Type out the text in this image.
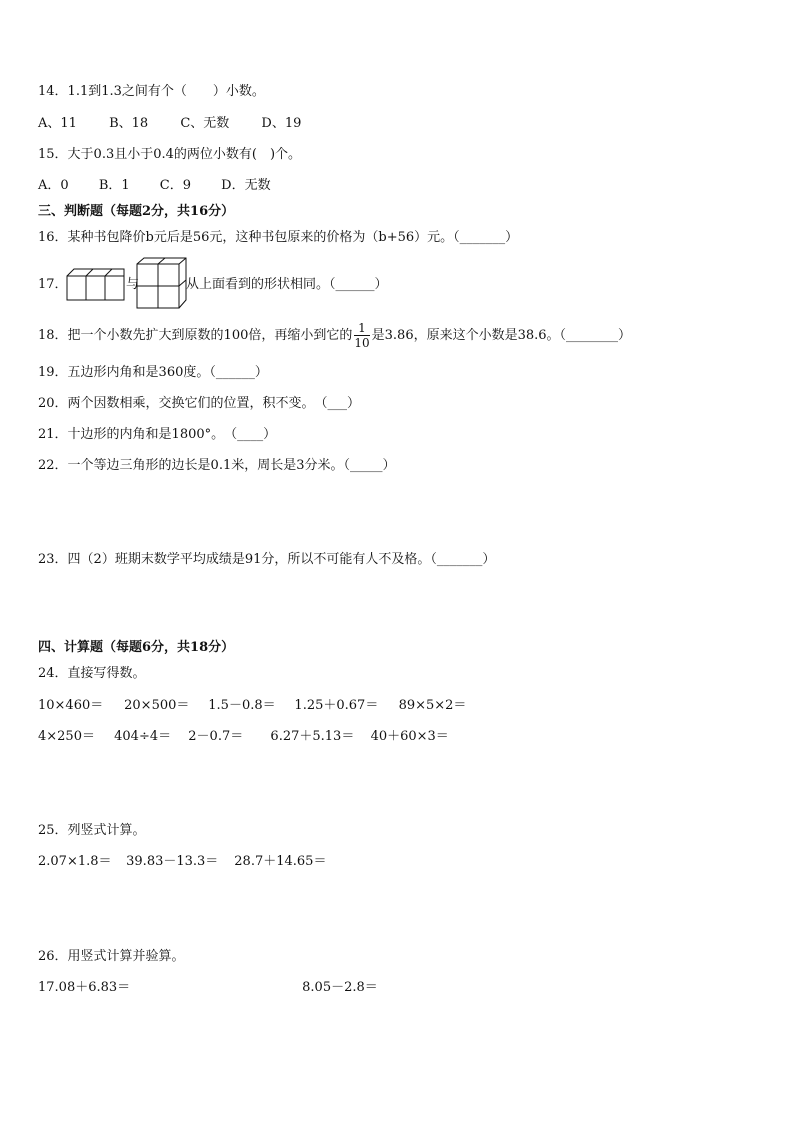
14．1.1到1.3之间有个（　　）小数。
A、11 B、18 C、无数 D、19
15．大于0.3且小于0.4的两位小数有(　)个。
A．0 B．1 C．9 D．无数
三、判断题（每题2分，共16分）
16．某种书包降价b元后是56元，这种书包原来的价格为（b+56）元。（_______）
17．	与	从上面看到的形状相同。（______）
18．把一个小数先扩大到原数的100倍，再缩小到它的 $\frac{1}{10}$ 是3.86，原来这个小数是38.6。（________）
19．五边形内角和是360度。（______）
20．两个因数相乘，交换它们的位置，积不变。　（___）
21．十边形的内角和是1800°。　（____）
22．一个等边三角形的边长是0.1米，周长是3分米。（_____）
23．四（2）班期末数学平均成绩是91分，所以不可能有人不及格。（_______）
四、计算题（每题6分，共18分）
24．直接写得数。
10×460＝ 20×500＝ 1.5－0.8＝ 1.25＋0.67＝ 89×5×2＝
4×250＝ 404÷4＝ 2－0.7＝ 6.27＋5.13＝ 40＋60×3＝
25．列竖式计算。
2.07×1.8＝ 39.83－13.3＝ 28.7＋14.65＝
26．用竖式计算并验算。
17.08＋6.83＝	8.05－2.8＝
